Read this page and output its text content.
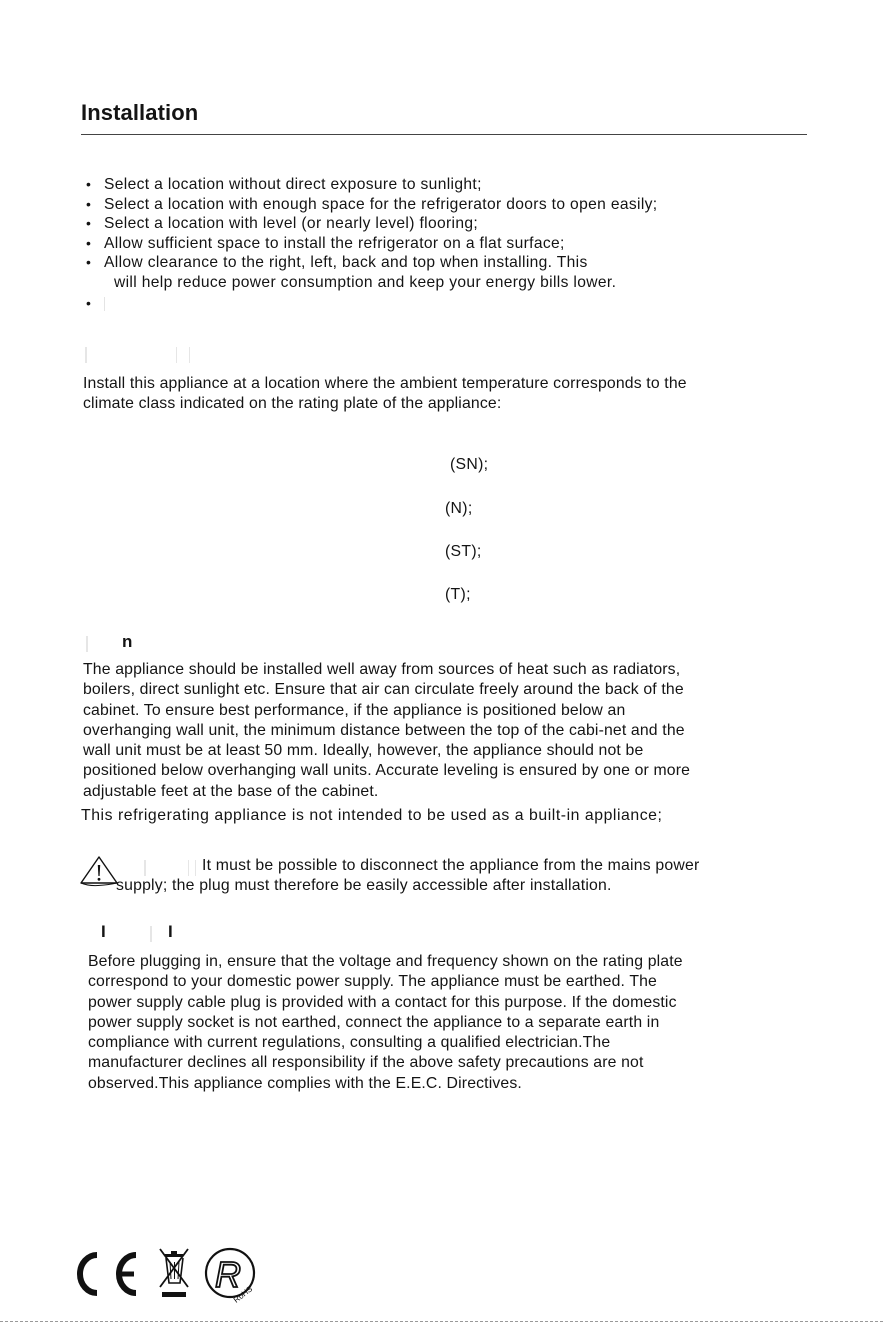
Installation
• Select a location without direct exposure to sunlight;
• Select a location with enough space for the refrigerator doors to open easily;
• Select a location with level (or nearly level) flooring;
• Allow sufficient space to install the refrigerator on a flat surface;
• Allow clearance to the right, left, back and top when installing. This
will help reduce power consumption and keep your energy bills lower.
•
Install this appliance at a location where the ambient temperature corresponds to the
climate class indicated on the rating plate of the appliance:
(SN);
(N);
(ST);
(T);
n
The appliance should be installed well away from sources of heat such as radiators,
boilers, direct sunlight etc. Ensure that air can circulate freely around the back of the
cabinet. To ensure best performance, if the appliance is positioned below an
overhanging wall unit, the minimum distance between the top of the cabi-net and the
wall unit must be at least 50 mm. Ideally, however, the appliance should not be
positioned below overhanging wall units. Accurate leveling is ensured by one or more
adjustable feet at the base of the cabinet.
This refrigerating appliance is not intended to be used as a built-in appliance;
It must be possible to disconnect the appliance from the mains power
supply; the plug must therefore be easily accessible after installation.
I	I
Before plugging in, ensure that the voltage and frequency shown on the rating plate
correspond to your domestic power supply. The appliance must be earthed. The
power supply cable plug is provided with a contact for this purpose. If the domestic
power supply socket is not earthed, connect the appliance to a separate earth in
compliance with current regulations, consulting a qualified electrician.The
manufacturer declines all responsibility if the above safety precautions are not
observed.This appliance complies with the E.E.C. Directives.
R
RoHS
